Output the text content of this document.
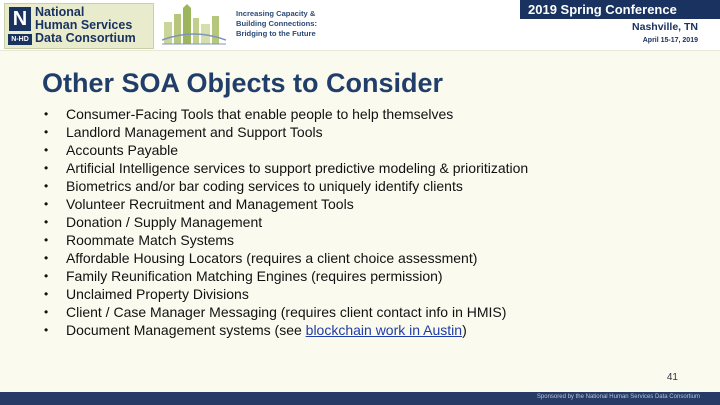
N
N-HD
National
Human Services
Data Consortium
Increasing Capacity &
Building Connections:
Bridging to the Future
2019 Spring Conference
Nashville, TN
April 15-17, 2019
Other SOA Objects to Consider
•	Consumer-Facing Tools that enable people to help themselves
•	Landlord Management and Support Tools
•	Accounts Payable
•	Artificial Intelligence services to support predictive modeling & prioritization
•	Biometrics and/or bar coding services to uniquely identify clients
•	Volunteer Recruitment and Management Tools
•	Donation / Supply Management
•	Roommate Match Systems
•	Affordable Housing Locators (requires a client choice assessment)
•	Family Reunification Matching Engines (requires permission)
•	Unclaimed Property Divisions
•	Client / Case Manager Messaging (requires client contact info in HMIS)
•	Document Management systems (see blockchain work in Austin)
41
Sponsored by the National Human Services Data Consortium
